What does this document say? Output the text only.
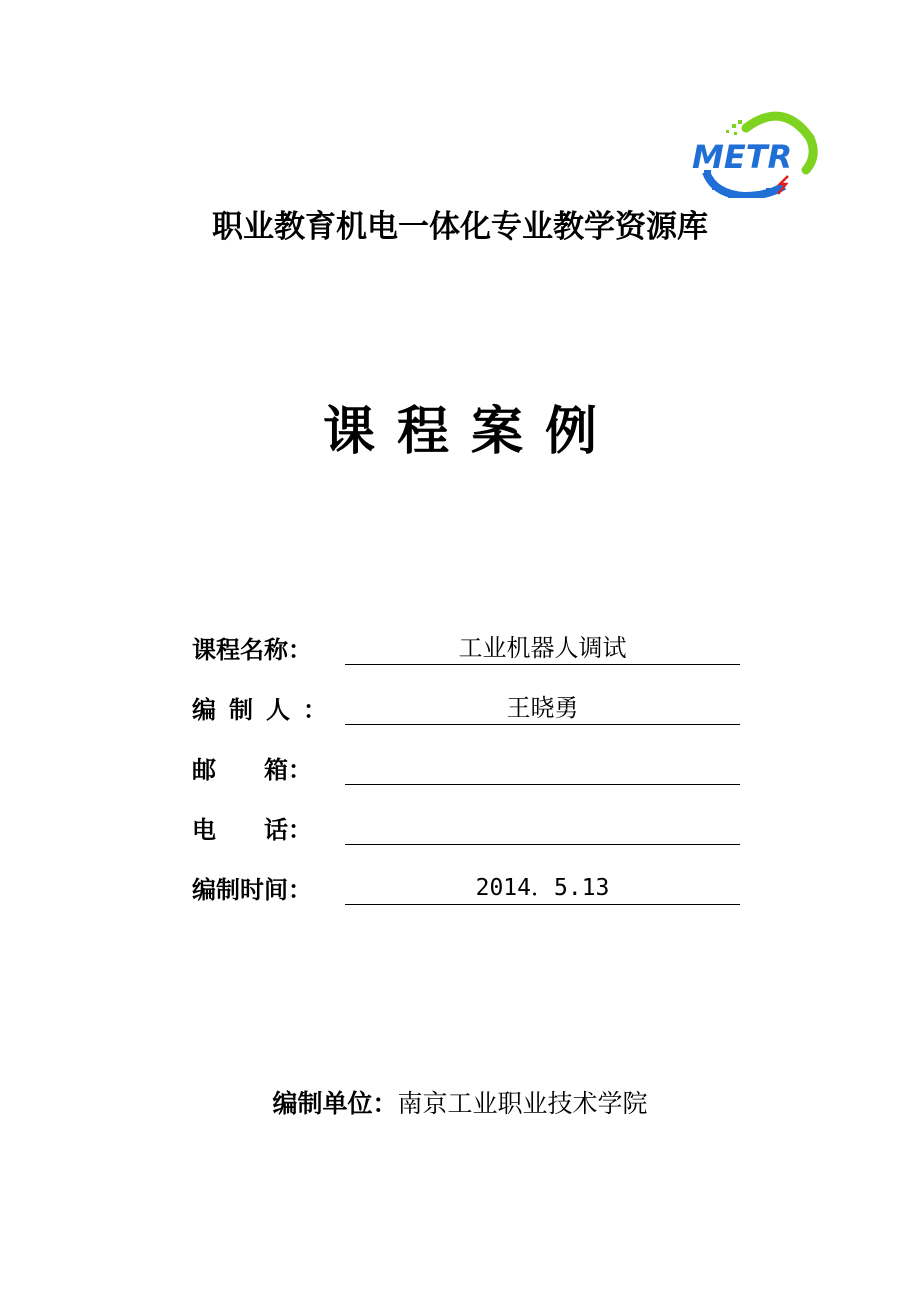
METR
职业教育机电一体化专业教学资源库
课程案例
课程名称：	工业机器人调试
编制人：	王晓勇
邮　　箱：
电　　话：
编制时间：	2014．5.13
编制单位：南京工业职业技术学院
